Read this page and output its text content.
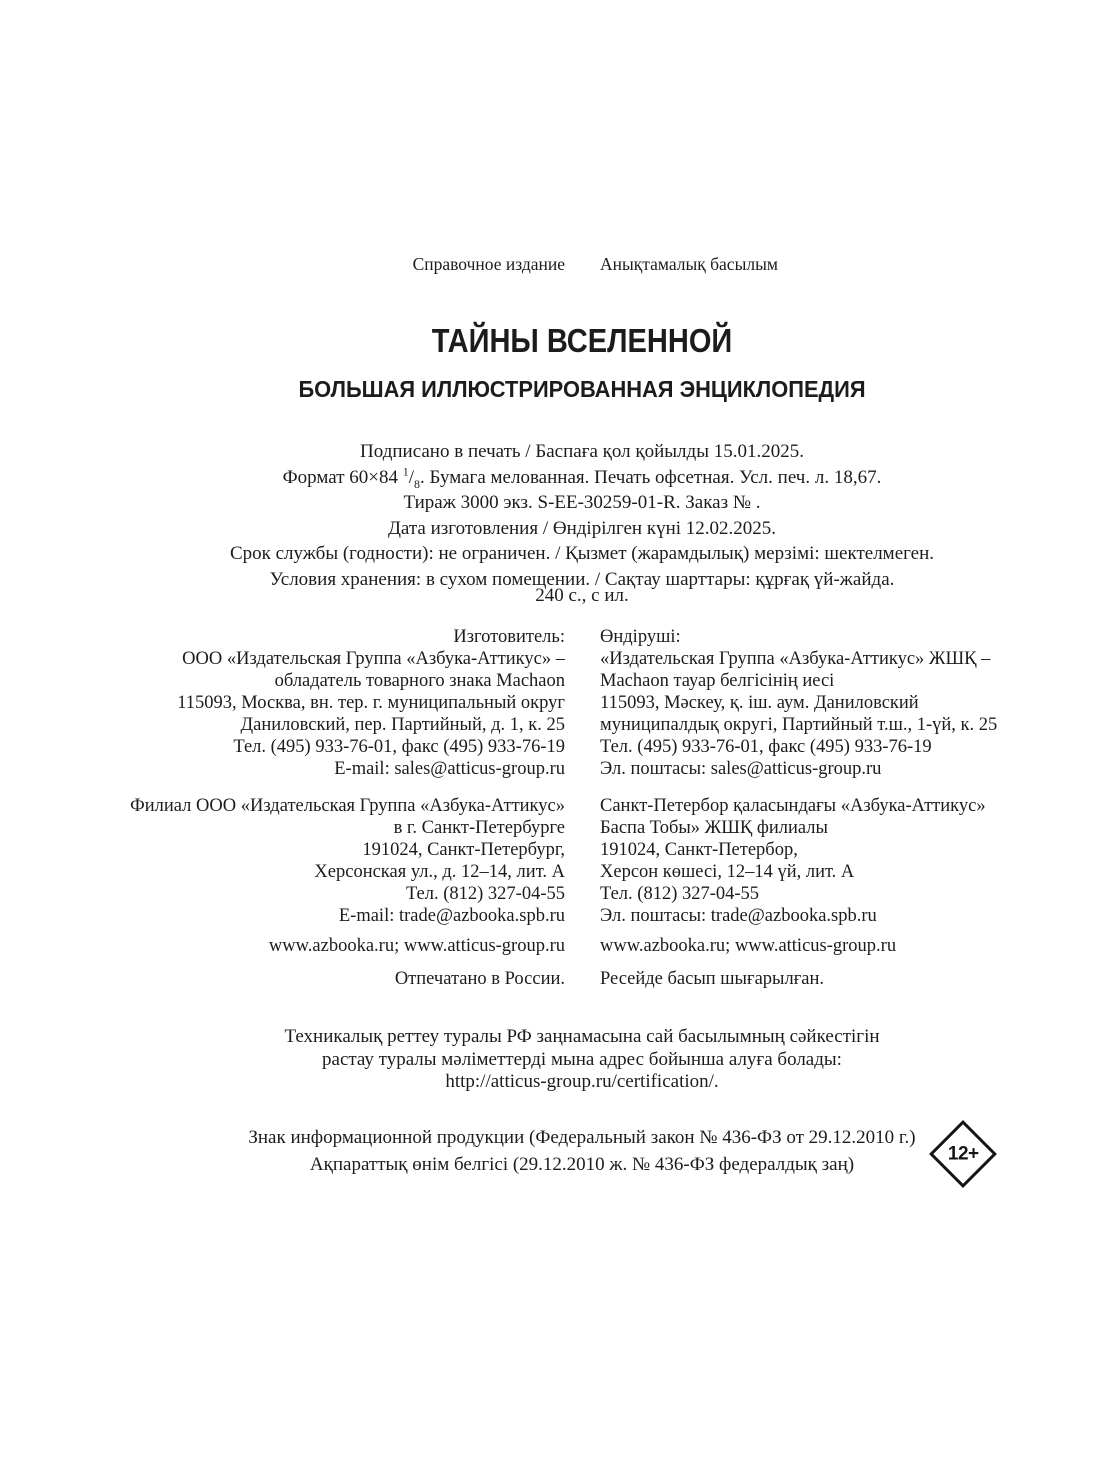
Справочное издание Анықтамалық басылым
ТАЙНЫ ВСЕЛЕННОЙ
БОЛЬШАЯ ИЛЛЮСТРИРОВАННАЯ ЭНЦИКЛОПЕДИЯ
Подписано в печать / Баспаға қол қойылды 15.01.2025.
Формат 60×84 $^1/_8$. Бумага мелованная. Печать офсетная. Усл. печ. л. 18,67.
Тираж 3000 экз. S-EE-30259-01-R. Заказ № .
Дата изготовления / Өндірілген күні 12.02.2025.
Срок службы (годности): не ограничен. / Қызмет (жарамдылық) мерзімі: шектелмеген.
Условия хранения: в сухом помещении. / Сақтау шарттары: құрғақ үй-жайда.
240 с., с ил.
Изготовитель:
ООО «Издательская Группа «Азбука-Аттикус» –
обладатель товарного знака Machaon
115093, Москва, вн. тер. г. муниципальный округ
Даниловский, пер. Партийный, д. 1, к. 25
Тел. (495) 933-76-01, факс (495) 933-76-19
E-mail: sales@atticus-group.ru
Өндіруші:
«Издательская Группа «Азбука-Аттикус» ЖШҚ –
Machaon тауар белгісінің иесі
115093, Мәскеу, қ. іш. аум. Даниловский
муниципалдық округі, Партийный т.ш., 1-үй, к. 25
Тел. (495) 933-76-01, факс (495) 933-76-19
Эл. поштасы: sales@atticus-group.ru
Филиал ООО «Издательская Группа «Азбука-Аттикус»
в г. Санкт-Петербурге
191024, Санкт-Петербург,
Херсонская ул., д. 12–14, лит. А
Тел. (812) 327-04-55
E-mail: trade@azbooka.spb.ru
Санкт-Петербор қаласындағы «Азбука-Аттикус»
Баспа Тобы» ЖШҚ филиалы
191024, Санкт-Петербор,
Херсон көшесі, 12–14 үй, лит. А
Тел. (812) 327-04-55
Эл. поштасы: trade@azbooka.spb.ru
www.azbooka.ru; www.atticus-group.ru www.azbooka.ru; www.atticus-group.ru
Отпечатано в России. Ресейде басып шығарылған.
Техникалық реттеу туралы РФ заңнамасына сай басылымның сәйкестігін
растау туралы мәліметтерді мына адрес бойынша алуға болады:
http://atticus-group.ru/certification/.
Знак информационной продукции (Федеральный закон № 436-ФЗ от 29.12.2010 г.)
Ақпараттық өнім белгісі (29.12.2010 ж. № 436-ФЗ федералдық заң)
12+
